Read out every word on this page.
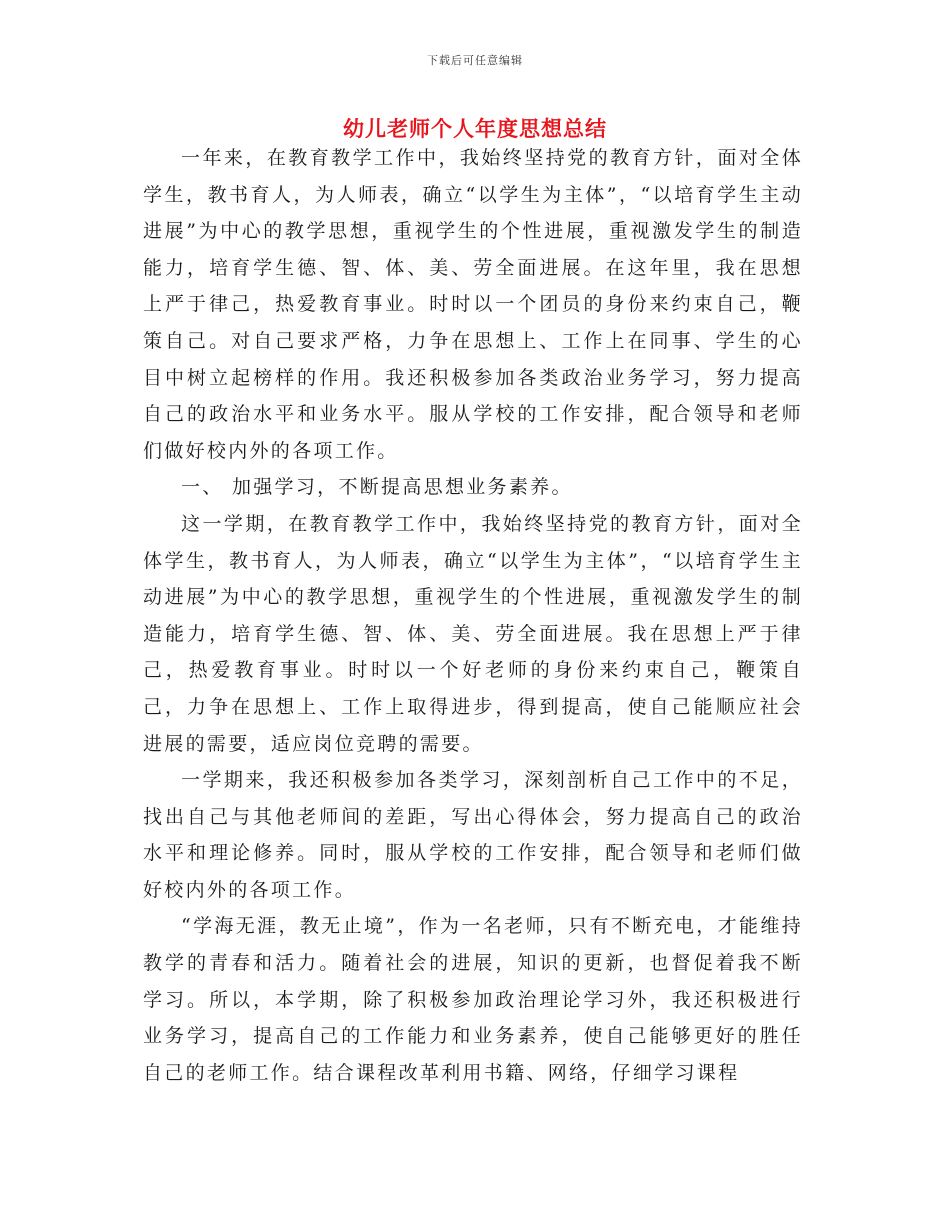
下载后可任意编辑
幼儿老师个人年度思想总结

一年来，在教育教学工作中，我始终坚持党的教育方针，面对全体学生，教书育人，为人师表，确立“以学生为主体”，“以培育学生主动进展”为中心的教学思想，重视学生的个性进展，重视激发学生的制造能力，培育学生德、智、体、美、劳全面进展。在这年里，我在思想上严于律己，热爱教育事业。时时以一个团员的身份来约束自己，鞭策自己。对自己要求严格，力争在思想上、工作上在同事、学生的心目中树立起榜样的作用。我还积极参加各类政治业务学习，努力提高自己的政治水平和业务水平。服从学校的工作安排，配合领导和老师们做好校内外的各项工作。

一、 加强学习，不断提高思想业务素养。

这一学期，在教育教学工作中，我始终坚持党的教育方针，面对全体学生，教书育人，为人师表，确立“以学生为主体”，“以培育学生主动进展”为中心的教学思想，重视学生的个性进展，重视激发学生的制造能力，培育学生德、智、体、美、劳全面进展。我在思想上严于律己，热爱教育事业。时时以一个好老师的身份来约束自己，鞭策自己，力争在思想上、工作上取得进步，得到提高，使自己能顺应社会进展的需要，适应岗位竞聘的需要。

一学期来，我还积极参加各类学习，深刻剖析自己工作中的不足，找出自己与其他老师间的差距，写出心得体会，努力提高自己的政治水平和理论修养。同时，服从学校的工作安排，配合领导和老师们做好校内外的各项工作。

“学海无涯，教无止境”，作为一名老师，只有不断充电，才能维持教学的青春和活力。随着社会的进展，知识的更新，也督促着我不断学习。所以，本学期，除了积极参加政治理论学习外，我还积极进行业务学习，提高自己的工作能力和业务素养，使自己能够更好的胜任自己的老师工作。结合课程改革利用书籍、网络，仔细学习课程
